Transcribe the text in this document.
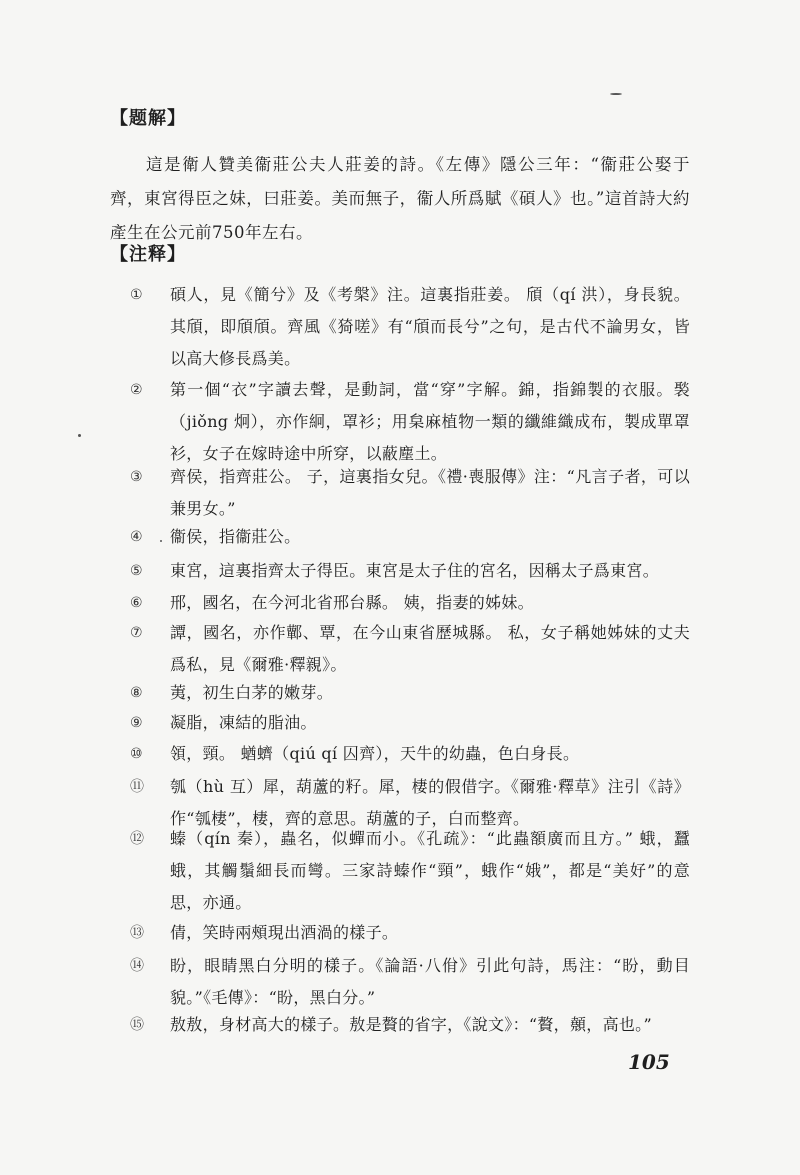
【题解】
這是衛人贊美衞莊公夫人莊姜的詩。《左傳》隱公三年：“衞莊公娶于齊，東宮得臣之妹，曰莊姜。美而無子，衞人所爲賦《碩人》也。”這首詩大約產生在公元前750年左右。
【注释】
① 碩人，見《簡兮》及《考槃》注。這裏指莊姜。 頎（qí 洪），身長貌。其頎，即頎頎。齊風《猗嗟》有“頎而長兮”之句，是古代不論男女，皆以高大修長爲美。
② 第一個“衣”字讀去聲，是動詞，當“穿”字解。錦，指錦製的衣服。褧（jiǒng 炯），亦作絅，罩衫；用枲麻植物一類的纖維織成布，製成單罩衫，女子在嫁時途中所穿，以蔽塵土。
③ 齊侯，指齊莊公。 子，這裏指女兒。《禮·喪服傳》注：“凡言子者，可以兼男女。”
④ 衞侯，指衞莊公。
⑤ 東宮，這裏指齊太子得臣。東宮是太子住的宮名，因稱太子爲東宮。
⑥ 邢，國名，在今河北省邢台縣。 姨，指妻的姊妹。
⑦ 譚，國名，亦作鄿、覃，在今山東省歷城縣。 私，女子稱她姊妹的丈夫爲私，見《爾雅·釋親》。
⑧ 荑，初生白茅的嫩芽。
⑨ 凝脂，凍結的脂油。
⑩ 領，頸。 蝤蠐（qiú qí 囚齊），天牛的幼蟲，色白身長。
⑪ 瓠（hù 互）犀，葫蘆的籽。犀，棲的假借字。《爾雅·釋草》注引《詩》作“瓠棲”，棲，齊的意思。葫蘆的子，白而整齊。
⑫ 螓（qín 秦），蟲名，似蟬而小。《孔疏》：“此蟲額廣而且方。” 蛾，蠶蛾，其觸鬚細長而彎。三家詩螓作“頸”，蛾作“娥”，都是“美好”的意思，亦通。
⑬ 倩，笑時兩頰現出酒渦的樣子。
⑭ 盼，眼睛黑白分明的樣子。《論語·八佾》引此句詩，馬注：“盼，動目貌。”《毛傳》：“盼，黑白分。”
⑮ 敖敖，身材高大的樣子。敖是贅的省字，《說文》：“贅，顤，高也。”
105
